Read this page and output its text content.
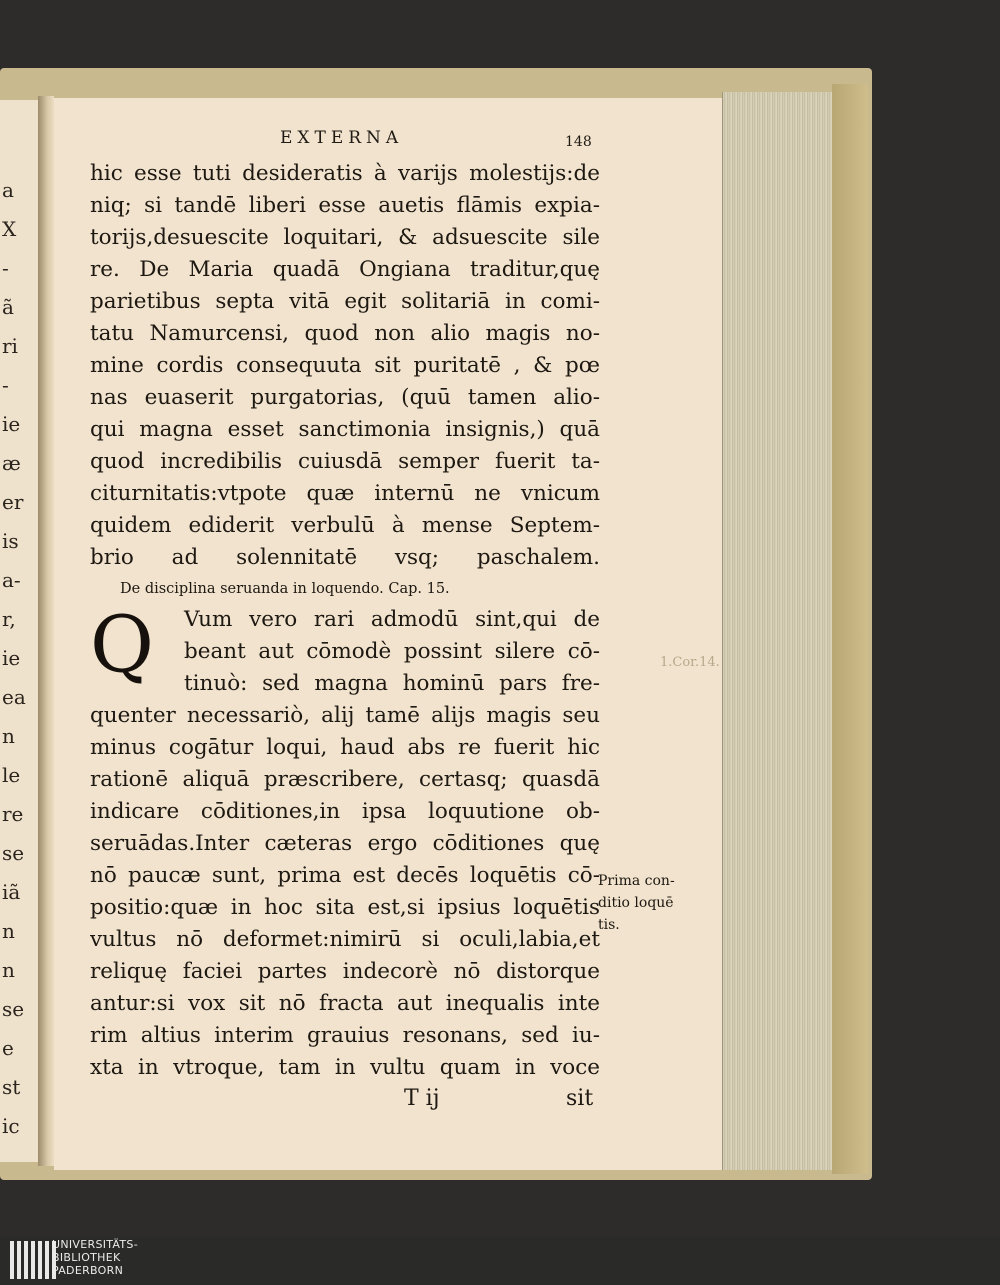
a
X
-
ã
ri
-
ie
æ
er
is
a-
r,
ie
ea
n
le
re
se
iã
n
n
se
e
st
ic
EXTERNA	148
hic esse tuti desideratis à varijs molestijs:de
niq; si tandē liberi esse auetis flāmis expia-
torijs,desuescite loquitari, & adsuescite sile
re. De Maria quadā Ongiana traditur,quę
parietibus septa vitā egit solitariā in comi-
tatu Namurcensi, quod non alio magis no-
mine cordis consequuta sit puritatē , & pœ
nas euaserit purgatorias, (quū tamen alio-
qui magna esset sanctimonia insignis,) quā
quod incredibilis cuiusdā semper fuerit ta-
citurnitatis:vtpote quæ internū ne vnicum
quidem ediderit verbulū à mense Septem-
brio ad solennitatē vsq; paschalem.
De disciplina seruanda in loquendo. Cap. 15.
Q	Vum vero rari admodū sint,qui de
beant aut cōmodè possint silere cō-
tinuò: sed magna hominū pars fre-
quenter necessariò, alij tamē alijs magis seu
minus cogātur loqui, haud abs re fuerit hic
rationē aliquā præscribere, certasq; quasdā
indicare cōditiones,in ipsa loquutione ob-
seruādas.Inter cæteras ergo cōditiones quę
nō paucæ sunt, prima est decēs loquētis cō-
positio:quæ in hoc sita est,si ipsius loquētis
vultus nō deformet:nimirū si oculi,labia,et
reliquę faciei partes indecorè nō distorque
antur:si vox sit nō fracta aut inequalis inte
rim altius interim grauius resonans, sed iu-
xta in vtroque, tam in vultu quam in voce
Prima con-
ditio loquē
tis.
1.Cor.14.
T ij	sit
UNIVERSITÄTS-
BIBLIOTHEK
PADERBORN
